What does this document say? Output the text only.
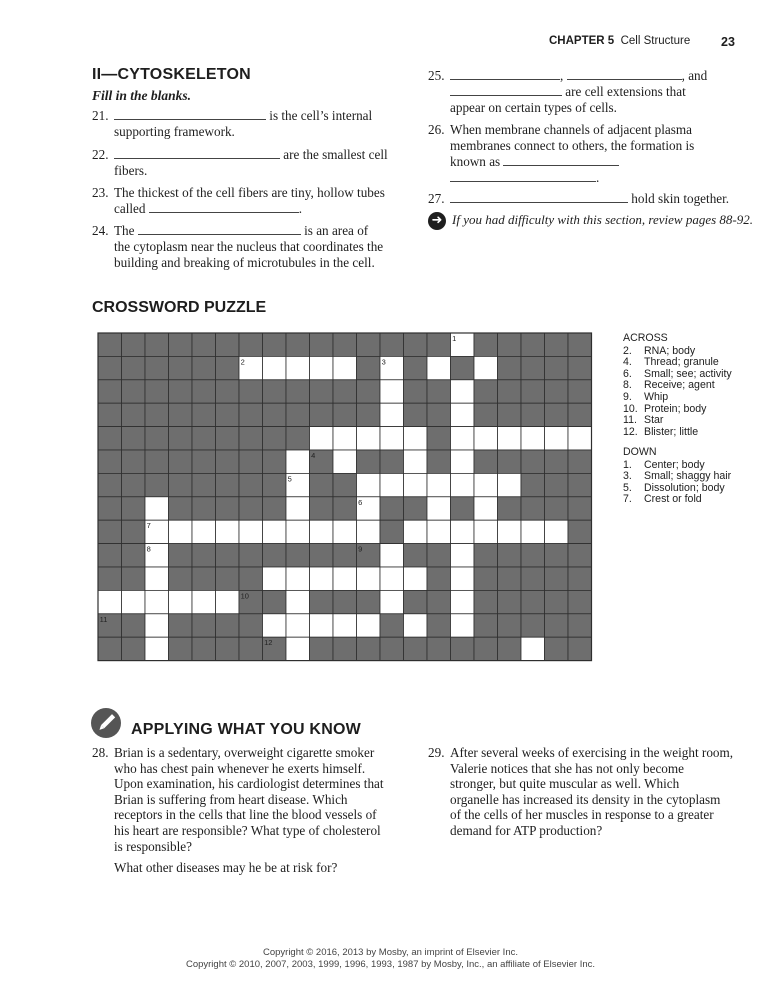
CHAPTER 5 Cell Structure 23
II—CYTOSKELETON
Fill in the blanks.
21.	is the cell’s internal
supporting framework.
22.	are the smallest cell
fibers.
23. The thickest of the cell fibers are tiny, hollow tubes
called	.
24. The	is an area of
the cytoplasm near the nucleus that coordinates the
building and breaking of microtubules in the cell.
25.	,	, and
are cell extensions that
appear on certain types of cells.
26. When membrane channels of adjacent plasma
membranes connect to others, the formation is
known as
.
27.	hold skin together.
➜ If you had difficulty with this section, review pages 88-92.
CROSSWORD PUZZLE
1
2	3
4
5
6
7
8	9
10
11
12
ACROSS
2. RNA; body
4. Thread; granule
6. Small; see; activity
8. Receive; agent
9. Whip
10. Protein; body
11. Star
12. Blister; little
DOWN
1. Center; body
3. Small; shaggy hair
5. Dissolution; body
7. Crest or fold
APPLYING WHAT YOU KNOW
28. Brian is a sedentary, overweight cigarette smoker
who has chest pain whenever he exerts himself.
Upon examination, his cardiologist determines that
Brian is suffering from heart disease. Which
receptors in the cells that line the blood vessels of
his heart are responsible? What type of cholesterol
is responsible?
What other diseases may he be at risk for?
29. After several weeks of exercising in the weight room,
Valerie notices that she has not only become
stronger, but quite muscular as well. Which
organelle has increased its density in the cytoplasm
of the cells of her muscles in response to a greater
demand for ATP production?
Copyright © 2016, 2013 by Mosby, an imprint of Elsevier Inc.
Copyright © 2010, 2007, 2003, 1999, 1996, 1993, 1987 by Mosby, Inc., an affiliate of Elsevier Inc.
